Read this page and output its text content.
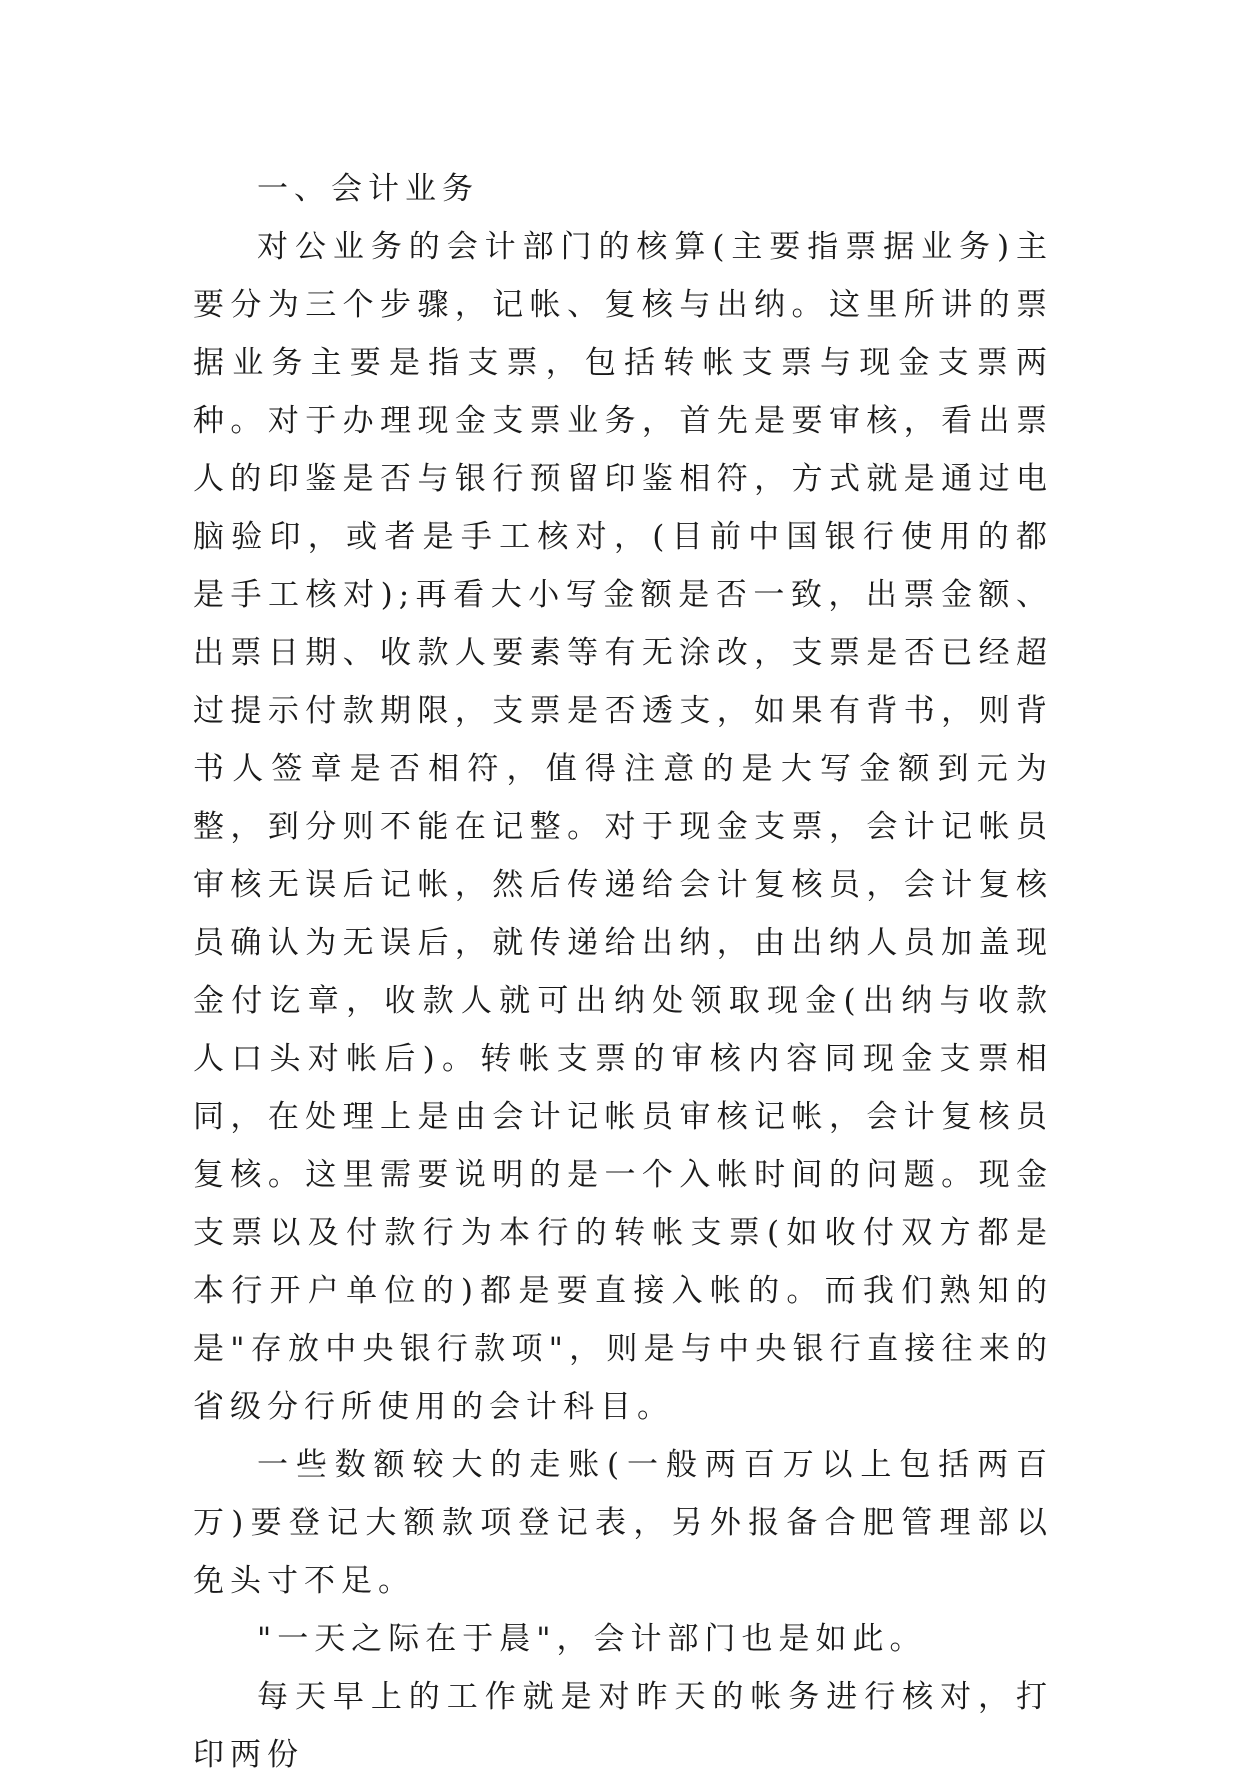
一、会计业务

对公业务的会计部门的核算(主要指票据业务)主要分为三个步骤，记帐、复核与出纳。这里所讲的票据业务主要是指支票，包括转帐支票与现金支票两种。对于办理现金支票业务，首先是要审核，看出票人的印鉴是否与银行预留印鉴相符，方式就是通过电脑验印，或者是手工核对，(目前中国银行使用的都是手工核对);再看大小写金额是否一致，出票金额、出票日期、收款人要素等有无涂改，支票是否已经超过提示付款期限，支票是否透支，如果有背书，则背书人签章是否相符，值得注意的是大写金额到元为整，到分则不能在记整。对于现金支票，会计记帐员审核无误后记帐，然后传递给会计复核员，会计复核员确认为无误后，就传递给出纳，由出纳人员加盖现金付讫章，收款人就可出纳处领取现金(出纳与收款人口头对帐后)。转帐支票的审核内容同现金支票相同，在处理上是由会计记帐员审核记帐，会计复核员复核。这里需要说明的是一个入帐时间的问题。现金支票以及付款行为本行的转帐支票(如收付双方都是本行开户单位的)都是要直接入帐的。而我们熟知的是"存放中央银行款项"，则是与中央银行直接往来的省级分行所使用的会计科目。

一些数额较大的走账(一般两百万以上包括两百万)要登记大额款项登记表，另外报备合肥管理部以免头寸不足。

"一天之际在于晨"，会计部门也是如此。

每天早上的工作就是对昨天的帐务进行核对，打印两份
